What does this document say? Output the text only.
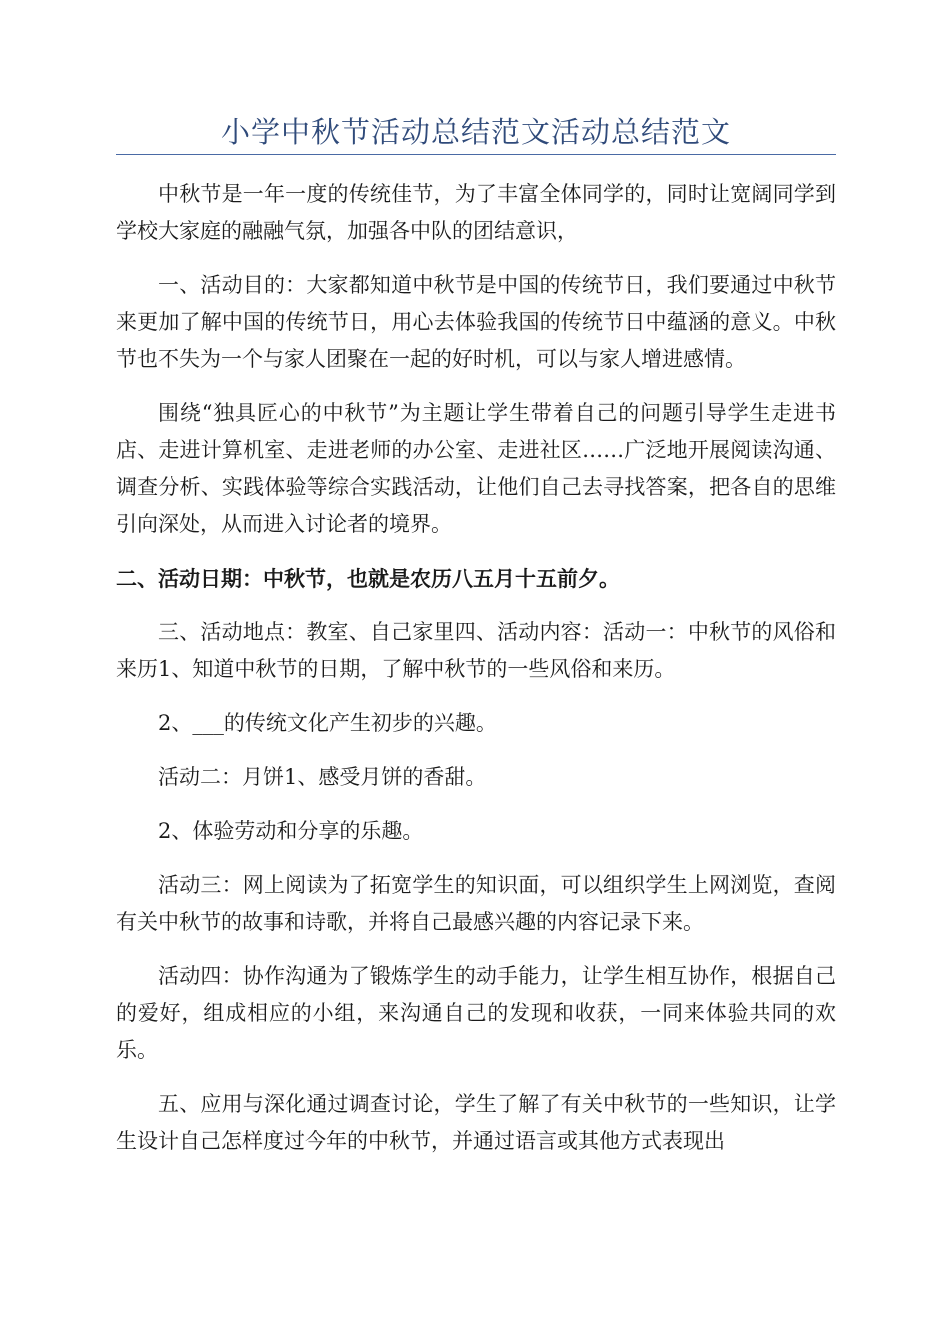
小学中秋节活动总结范文活动总结范文

中秋节是一年一度的传统佳节，为了丰富全体同学的，同时让宽阔同学到学校大家庭的融融气氛，加强各中队的团结意识，

一、活动目的：大家都知道中秋节是中国的传统节日，我们要通过中秋节来更加了解中国的传统节日，用心去体验我国的传统节日中蕴涵的意义。中秋节也不失为一个与家人团聚在一起的好时机，可以与家人增进感情。

围绕“独具匠心的中秋节”为主题让学生带着自己的问题引导学生走进书店、走进计算机室、走进老师的办公室、走进社区……广泛地开展阅读沟通、调查分析、实践体验等综合实践活动，让他们自己去寻找答案，把各自的思维引向深处，从而进入讨论者的境界。

二、活动日期：中秋节，也就是农历八五月十五前夕。

三、活动地点：教室、自己家里四、活动内容：活动一：中秋节的风俗和来历1、知道中秋节的日期，了解中秋节的一些风俗和来历。

2、___的传统文化产生初步的兴趣。

活动二：月饼1、感受月饼的香甜。

2、体验劳动和分享的乐趣。

活动三：网上阅读为了拓宽学生的知识面，可以组织学生上网浏览，查阅有关中秋节的故事和诗歌，并将自己最感兴趣的内容记录下来。

活动四：协作沟通为了锻炼学生的动手能力，让学生相互协作，根据自己的爱好，组成相应的小组，来沟通自己的发现和收获，一同来体验共同的欢乐。

五、应用与深化通过调查讨论，学生了解了有关中秋节的一些知识，让学生设计自己怎样度过今年的中秋节，并通过语言或其他方式表现出
